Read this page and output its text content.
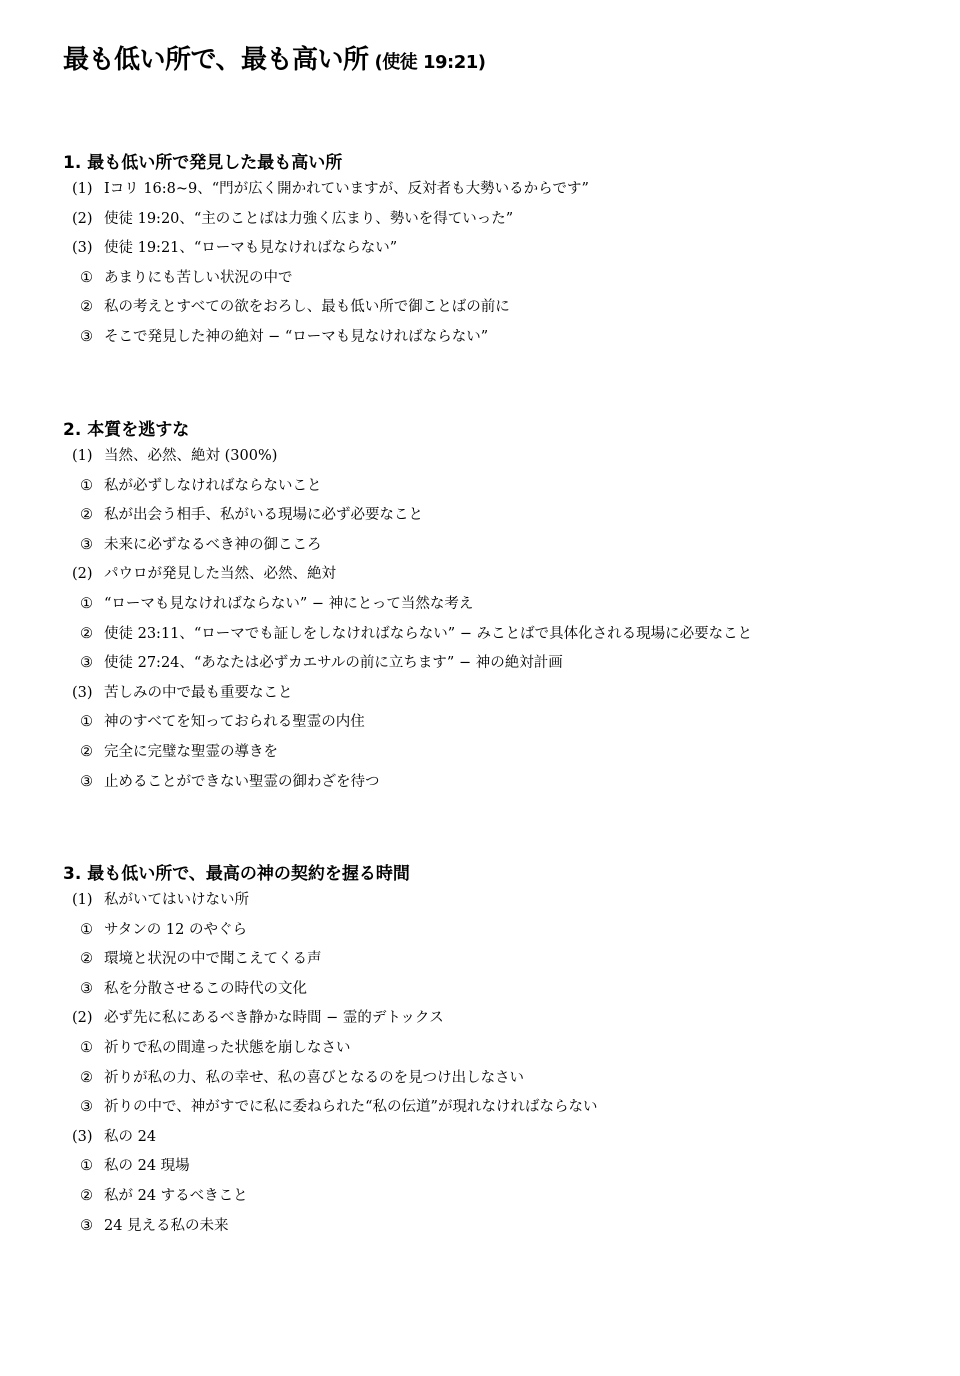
最も低い所で、最も高い所 (使徒 19:21)
1. 最も低い所で発見した最も高い所
(1) Ⅰコリ 16:8~9、“門が広く開かれていますが、反対者も大勢いるからです”
(2) 使徒 19:20、“主のことばは力強く広まり、勢いを得ていった”
(3) 使徒 19:21、“ローマも見なければならない”
① あまりにも苦しい状況の中で
② 私の考えとすべての欲をおろし、最も低い所で御ことばの前に
③ そこで発見した神の絶対 − “ローマも見なければならない”
2. 本質を逃すな
(1) 当然、必然、絶対 (300%)
① 私が必ずしなければならないこと
② 私が出会う相手、私がいる現場に必ず必要なこと
③ 未来に必ずなるべき神の御こころ
(2) パウロが発見した当然、必然、絶対
① “ローマも見なければならない” − 神にとって当然な考え
② 使徒 23:11、“ローマでも証しをしなければならない” − みことばで具体化される現場に必要なこと
③ 使徒 27:24、“あなたは必ずカエサルの前に立ちます” − 神の絶対計画
(3) 苦しみの中で最も重要なこと
① 神のすべてを知っておられる聖霊の内住
② 完全に完璧な聖霊の導きを
③ 止めることができない聖霊の御わざを待つ
3. 最も低い所で、最高の神の契約を握る時間
(1) 私がいてはいけない所
① サタンの 12 のやぐら
② 環境と状況の中で聞こえてくる声
③ 私を分散させるこの時代の文化
(2) 必ず先に私にあるべき静かな時間 − 霊的デトックス
① 祈りで私の間違った状態を崩しなさい
② 祈りが私の力、私の幸せ、私の喜びとなるのを見つけ出しなさい
③ 祈りの中で、神がすでに私に委ねられた“私の伝道”が現れなければならない
(3) 私の 24
① 私の 24 現場
② 私が 24 するべきこと
③ 24 見える私の未来
